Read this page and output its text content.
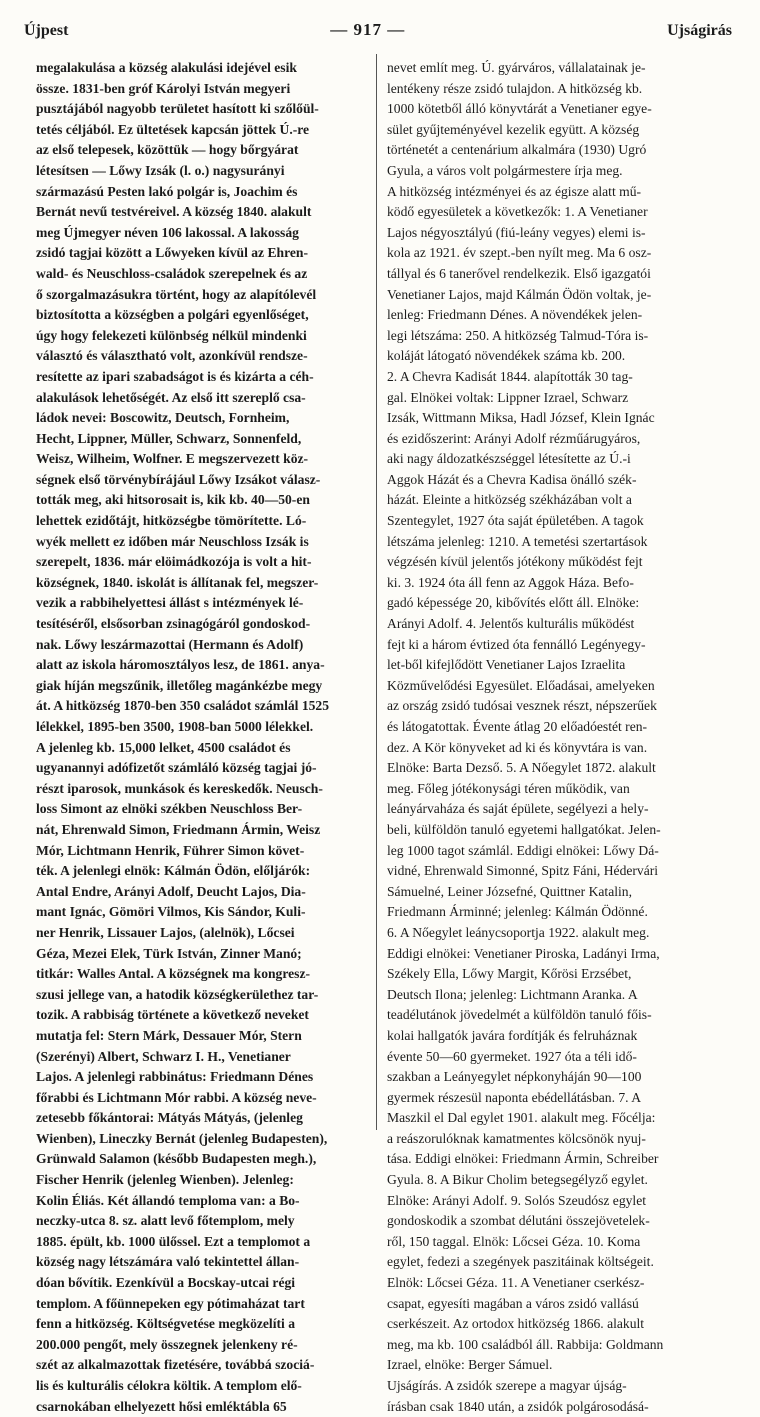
Újpest	— 917 —	Ujságirás
megalakulása a község alakulási idejével esik
össze. 1831-ben gróf Károlyi István megyeri
pusztájából nagyobb területet hasított ki szőlőül-
tetés céljából. Ez ültetések kapcsán jöttek Ú.-re
az első telepesek, közöttük — hogy bőrgyárat
létesítsen — Lőwy Izsák (l. o.) nagysurányi
származású Pesten lakó polgár is, Joachim és
Bernát nevű testvéreivel. A község 1840. alakult
meg Újmegyer néven 106 lakossal. A lakosság
zsidó tagjai között a Lőwyeken kívül az Ehren-
wald- és Neuschloss-családok szerepelnek és az
ő szorgalmazásukra történt, hogy az alapítólevél
biztosította a községben a polgári egyenlőséget,
úgy hogy felekezeti különbség nélkül mindenki
választó és választható volt, azonkívül rendsze-
resítette az ipari szabadságot is és kizárta a céh-
alakulások lehetőségét. Az első itt szereplő csa-
ládok nevei: Boscowitz, Deutsch, Fornheim,
Hecht, Lippner, Müller, Schwarz, Sonnenfeld,
Weisz, Wilheim, Wolfner. E megszervezett köz-
ségnek első törvénybírájául Lőwy Izsákot válasz-
tották meg, aki hitsorosait is, kik kb. 40—50-en
lehettek ezidőtájt, hitközségbe tömörítette. Ló-
wyék mellett ez időben már Neuschloss Izsák is
szerepelt, 1836. már elöimádkozója is volt a hit-
községnek, 1840. iskolát is állítanak fel, megszer-
vezik a rabbihelyettesi állást s intézmények lé-
tesítéséről, elsősorban zsinagógáról gondoskod-
nak. Lőwy leszármazottai (Hermann és Adolf)
alatt az iskola háromosztályos lesz, de 1861. anya-
giak híján megszűnik, illetőleg magánkézbe megy
át. A hitközség 1870-ben 350 családot számlál 1525
lélekkel, 1895-ben 3500, 1908-ban 5000 lélekkel.
A jelenleg kb. 15,000 lelket, 4500 családot és
ugyanannyi adófizetőt számláló község tagjai jó-
részt iparosok, munkások és kereskedők. Neusch-
loss Simont az elnöki székben Neuschloss Ber-
nát, Ehrenwald Simon, Friedmann Ármin, Weisz
Mór, Lichtmann Henrik, Führer Simon követ-
ték. A jelenlegi elnök: Kálmán Ödön, előljárók:
Antal Endre, Arányi Adolf, Deucht Lajos, Dia-
mant Ignác, Gömöri Vilmos, Kis Sándor, Kuli-
ner Henrik, Lissauer Lajos, (alelnök), Lőcsei
Géza, Mezei Elek, Türk István, Zinner Manó;
titkár: Walles Antal. A községnek ma kongresz-
szusi jellege van, a hatodik községkerülethez tar-
tozik. A rabbiság története a következő neveket
mutatja fel: Stern Márk, Dessauer Mór, Stern
(Szerényi) Albert, Schwarz I. H., Venetianer
Lajos. A jelenlegi rabbinátus: Friedmann Dénes
főrabbi és Lichtmann Mór rabbi. A község neve-
zetesebb főkántorai: Mátyás Mátyás, (jelenleg
Wienben), Lineczky Bernát (jelenleg Budapesten),
Grünwald Salamon (később Budapesten megh.),
Fischer Henrik (jelenleg Wienben). Jelenleg:
Kolin Éliás. Két állandó temploma van: a Bo-
neczky-utca 8. sz. alatt levő főtemplom, mely
1885. épült, kb. 1000 ülőssel. Ezt a templomot a
község nagy létszámára való tekintettel állan-
dóan bővítik. Ezenkívül a Bocskay-utcai régi
templom. A főünnepeken egy pótimaházat tart
fenn a hitközség. Költségvetése megközelíti a
200.000 pengőt, mely összegnek jelenkeny ré-
szét az alkalmazottak fizetésére, továbbá szociá-
lis és kulturális célokra költik. A templom elő-
csarnokában elhelyezett hősi emléktábla 65
nevet említ meg. Ú. gyárváros, vállalatainak je-
lentékeny része zsidó tulajdon. A hitközség kb.
1000 kötetből álló könyvtárát a Venetianer egye-
sület gyűjteményével kezelik együtt. A község
történetét a centenárium alkalmára (1930) Ugró
Gyula, a város volt polgármestere írja meg.
A hitközség intézményei és az égisze alatt mű-
ködő egyesületek a következők: 1. A Venetianer
Lajos négyosztályú (fiú-leány vegyes) elemi is-
kola az 1921. év szept.-ben nyílt meg. Ma 6 osz-
tállyal és 6 tanerővel rendelkezik. Első igazgatói
Venetianer Lajos, majd Kálmán Ödön voltak, je-
lenleg: Friedmann Dénes. A növendékek jelen-
legi létszáma: 250. A hitközség Talmud-Tóra is-
koláját látogató növendékek száma kb. 200.
2. A Chevra Kadisát 1844. alapították 30 tag-
gal. Elnökei voltak: Lippner Izrael, Schwarz
Izsák, Wittmann Miksa, Hadl József, Klein Ignác
és ezidőszerint: Arányi Adolf rézműárugyáros,
aki nagy áldozatkészséggel létesítette az Ú.-i
Aggok Házát és a Chevra Kadisa önálló szék-
házát. Eleinte a hitközség székházában volt a
Szentegylet, 1927 óta saját épületében. A tagok
létszáma jelenleg: 1210. A temetési szertartások
végzésén kívül jelentős jótékony működést fejt
ki. 3. 1924 óta áll fenn az Aggok Háza. Befo-
gadó képessége 20, kibővítés előtt áll. Elnöke:
Arányi Adolf. 4. Jelentős kulturális működést
fejt ki a három évtized óta fennálló Legényegy-
let-ből kifejlődött Venetianer Lajos Izraelita
Közművelődési Egyesület. Előadásai, amelyeken
az ország zsidó tudósai vesznek részt, népszerűek
és látogatottak. Évente átlag 20 előadóestét ren-
dez. A Kör könyveket ad ki és könyvtára is van.
Elnöke: Barta Dezső. 5. A Nőegylet 1872. alakult
meg. Főleg jótékonysági téren működik, van
leányárvaháza és saját épülete, segélyezi a hely-
beli, külföldön tanuló egyetemi hallgatókat. Jelen-
leg 1000 tagot számlál. Eddigi elnökei: Lőwy Dá-
vidné, Ehrenwald Simonné, Spitz Fáni, Hédervári
Sámuelné, Leiner Józsefné, Quittner Katalin,
Friedmann Árminné; jelenleg: Kálmán Ödönné.
6. A Nőegylet leánycsoportja 1922. alakult meg.
Eddigi elnökei: Venetianer Piroska, Ladányi Irma,
Székely Ella, Lőwy Margit, Kőrösi Erzsébet,
Deutsch Ilona; jelenleg: Lichtmann Aranka. A
teadélutánok jövedelmét a külföldön tanuló főis-
kolai hallgatók javára fordítják és felruháznak
évente 50—60 gyermeket. 1927 óta a téli idő-
szakban a Leányegylet népkonyháján 90—100
gyermek részesül naponta ebédellátásban. 7. A
Maszkil el Dal egylet 1901. alakult meg. Főcélja:
a reászorulóknak kamatmentes kölcsönök nyuj-
tása. Eddigi elnökei: Friedmann Ármin, Schreiber
Gyula. 8. A Bikur Cholim betegsegélyző egylet.
Elnöke: Arányi Adolf. 9. Solós Szeudósz egylet
gondoskodik a szombat délutáni összejövetelek-
ről, 150 taggal. Elnök: Lőcsei Géza. 10. Koma
egylet, fedezi a szegények paszitáinak költségeit.
Elnök: Lőcsei Géza. 11. A Venetianer cserkész-
csapat, egyesíti magában a város zsidó vallású
cserkészeit. Az ortodox hitközség 1866. alakult
meg, ma kb. 100 családból áll. Rabbija: Goldmann
Izrael, elnöke: Berger Sámuel.
Ujságírás. A zsidók szerepe a magyar újság-
írásban csak 1840 után, a zsidók polgárosodásá-
